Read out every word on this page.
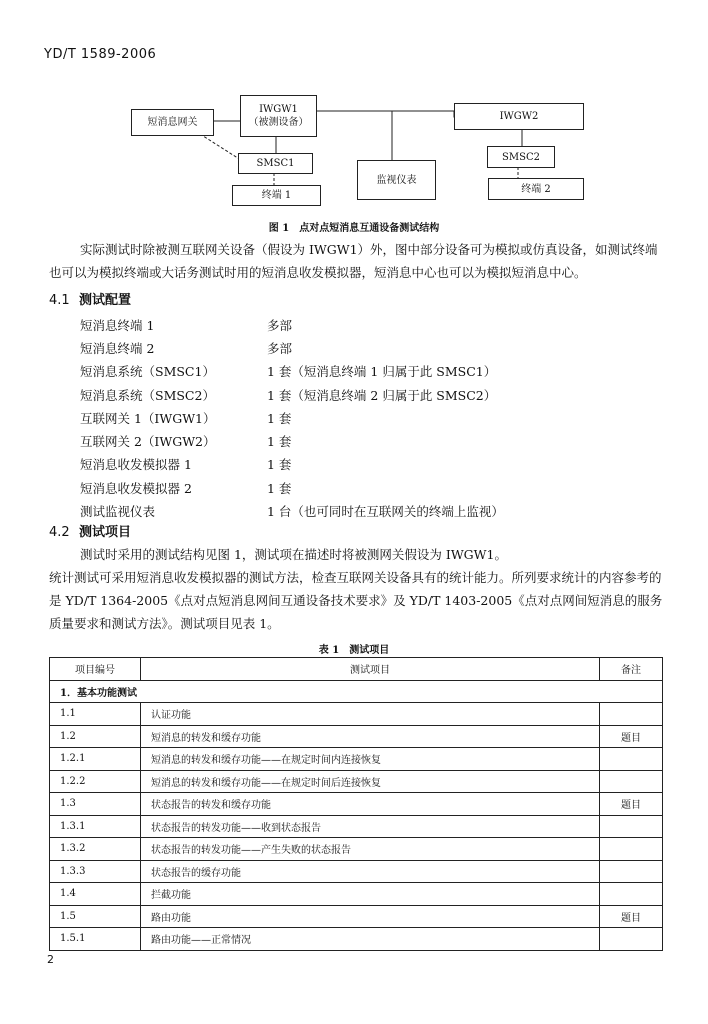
YD/T 1589-2006
短消息网关
IWGW1
（被测设备）
SMSC1
终端 1
监视仪表
IWGW2
SMSC2
终端 2
图 1　点对点短消息互通设备测试结构
实际测试时除被测互联网关设备（假设为 IWGW1）外，图中部分设备可为模拟或仿真设备，如测试终端也可以为模拟终端或大话务测试时用的短消息收发模拟器，短消息中心也可以为模拟短消息中心。
4.1 测试配置
短消息终端 1	多部
短消息终端 2	多部
短消息系统（SMSC1）	1 套（短消息终端 1 归属于此 SMSC1）
短消息系统（SMSC2）	1 套（短消息终端 2 归属于此 SMSC2）
互联网关 1（IWGW1）	1 套
互联网关 2（IWGW2）	1 套
短消息收发模拟器 1	1 套
短消息收发模拟器 2	1 套
测试监视仪表	1 台（也可同时在互联网关的终端上监视）
4.2 测试项目
测试时采用的测试结构见图 1，测试项在描述时将被测网关假设为 IWGW1。
统计测试可采用短消息收发模拟器的测试方法，检查互联网关设备具有的统计能力。所列要求统计的内容参考的是 YD/T 1364-2005《点对点短消息网间互通设备技术要求》及 YD/T 1403-2005《点对点网间短消息的服务质量要求和测试方法》。测试项目见表 1。
表 1　测试项目
项目编号	测试项目	备注
1．基本功能测试		
1.1	认证功能	
1.2	短消息的转发和缓存功能	题目
1.2.1	短消息的转发和缓存功能——在规定时间内连接恢复	
1.2.2	短消息的转发和缓存功能——在规定时间后连接恢复	
1.3	状态报告的转发和缓存功能	题目
1.3.1	状态报告的转发功能——收到状态报告	
1.3.2	状态报告的转发功能——产生失败的状态报告	
1.3.3	状态报告的缓存功能	
1.4	拦截功能	
1.5	路由功能	题目
1.5.1	路由功能——正常情况	
2
